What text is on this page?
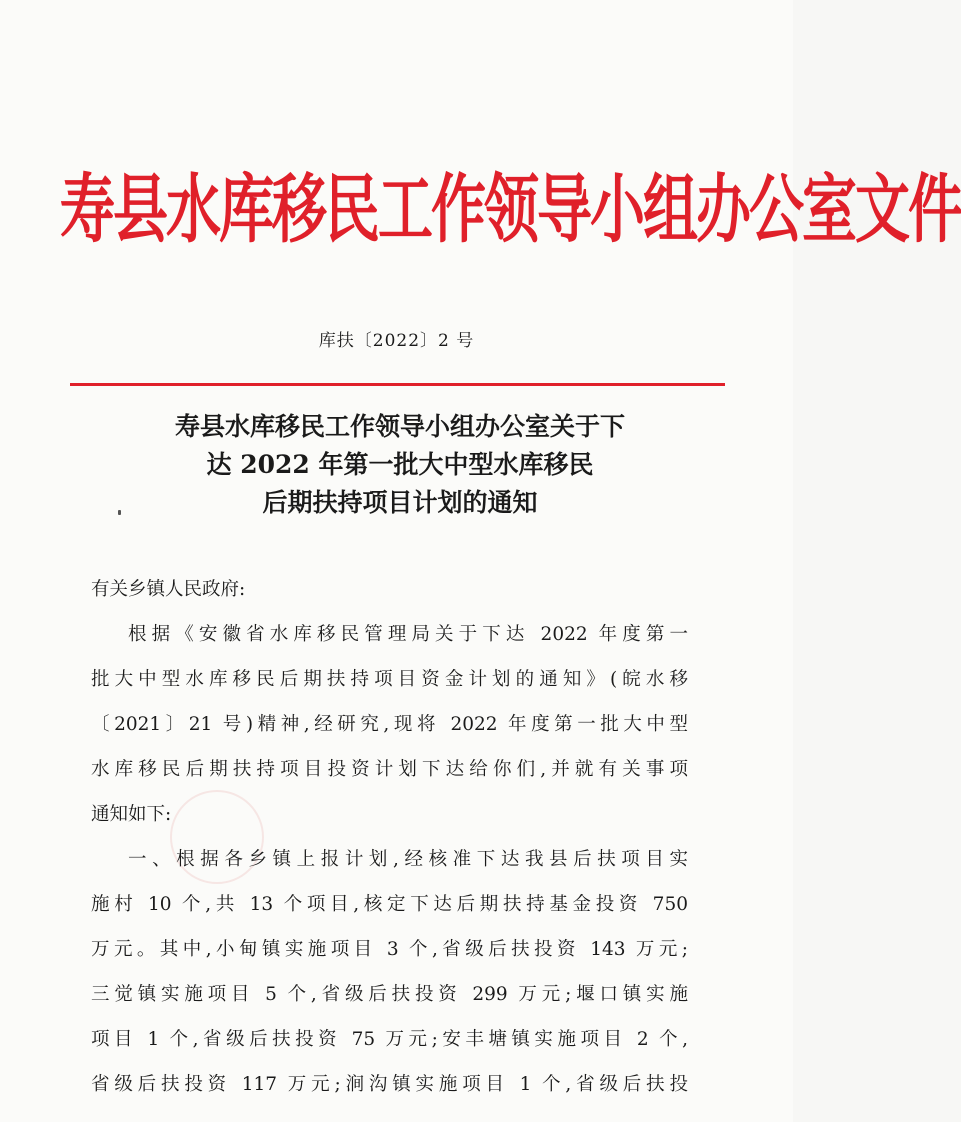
寿县水库移民工作领导小组办公室文件
库扶〔2022〕2 号
寿县水库移民工作领导小组办公室关于下
达 2022 年第一批大中型水库移民
后期扶持项目计划的通知
有关乡镇人民政府:
根据《安徽省水库移民管理局关于下达 2022 年度第一
批大中型水库移民后期扶持项目资金计划的通知》(皖水移
〔2021〕21 号)精神,经研究,现将 2022 年度第一批大中型
水库移民后期扶持项目投资计划下达给你们,并就有关事项
通知如下:
一、根据各乡镇上报计划,经核准下达我县后扶项目实
施村 10 个,共 13 个项目,核定下达后期扶持基金投资 750
万元。其中,小甸镇实施项目 3 个,省级后扶投资 143 万元;
三觉镇实施项目 5 个,省级后扶投资 299 万元;堰口镇实施
项目 1 个,省级后扶投资 75 万元;安丰塘镇实施项目 2 个,
省级后扶投资 117 万元;涧沟镇实施项目 1 个,省级后扶投
